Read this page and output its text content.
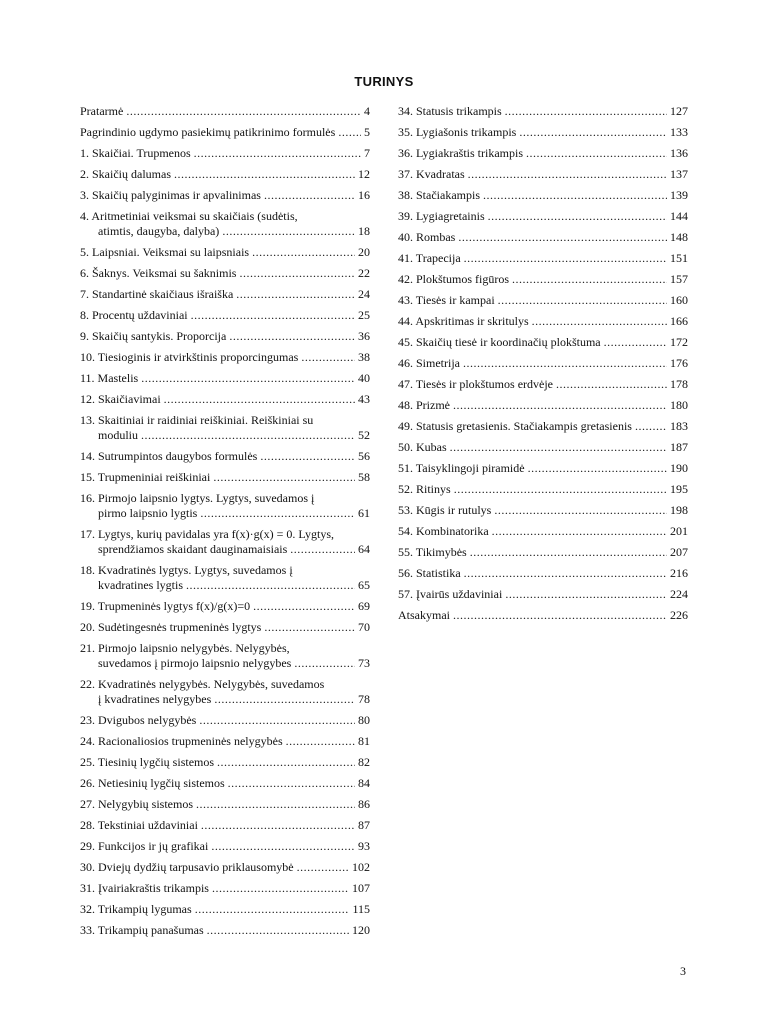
TURINYS
Pratarmė .....	4
Pagrindinio ugdymo pasiekimų patikrinimo formulės ..... 5
1. Skaičiai. Trupmenos .....	7
2. Skaičių dalumas .....	12
3. Skaičių palyginimas ir apvalinimas .....	16
4. Aritmetiniai veiksmai su skaičiais (sudėtis,
atimtis, daugyba, dalyba) .....	18
5. Laipsniai. Veiksmai su laipsniais .....	20
6. Šaknys. Veiksmai su šaknimis .....	22
7. Standartinė skaičiaus išraiška .....	24
8. Procentų uždaviniai .....	25
9. Skaičių santykis. Proporcija .....	36
10. Tiesioginis ir atvirkštinis proporcingumas .....	38
11. Mastelis .....	40
12. Skaičiavimai .....	43
13. Skaitiniai ir raidiniai reiškiniai. Reiškiniai su
moduliu .....	52
14. Sutrumpintos daugybos formulės .....	56
15. Trupmeniniai reiškiniai .....	58
16. Pirmojo laipsnio lygtys. Lygtys, suvedamos į
pirmo laipsnio lygtis .....	61
17. Lygtys, kurių pavidalas yra f(x)·g(x) = 0. Lygtys,
sprendžiamos skaidant dauginamaisiais .....	64
18. Kvadratinės lygtys. Lygtys, suvedamos į
kvadratines lygtis .....	65
19. Trupmeninės lygtys f(x)/g(x)=0 .....	69
20. Sudėtingesnės trupmeninės lygtys .....	70
21. Pirmojo laipsnio nelygybės. Nelygybės,
suvedamos į pirmojo laipsnio nelygybes .....	73
22. Kvadratinės nelygybės. Nelygybės, suvedamos
į kvadratines nelygybes .....	78
23. Dvigubos nelygybės .....	80
24. Racionaliosios trupmeninės nelygybės .....	81
25. Tiesinių lygčių sistemos .....	82
26. Netiesinių lygčių sistemos .....	84
27. Nelygybių sistemos .....	86
28. Tekstiniai uždaviniai .....	87
29. Funkcijos ir jų grafikai .....	93
30. Dviejų dydžių tarpusavio priklausomybė .....	102
31. Įvairiakraštis trikampis .....	107
32. Trikampių lygumas .....	115
33. Trikampių panašumas .....	120
34. Statusis trikampis .....	127
35. Lygiašonis trikampis .....	133
36. Lygiakraštis trikampis .....	136
37. Kvadratas .....	137
38. Stačiakampis .....	139
39. Lygiagretainis .....	144
40. Rombas .....	148
41. Trapecija .....	151
42. Plokštumos figūros .....	157
43. Tiesės ir kampai .....	160
44. Apskritimas ir skritulys .....	166
45. Skaičių tiesė ir koordinačių plokštuma .....	172
46. Simetrija .....	176
47. Tiesės ir plokštumos erdvėje .....	178
48. Prizmė .....	180
49. Statusis gretasienis. Stačiakampis gretasienis .....	183
50. Kubas .....	187
51. Taisyklingoji piramidė .....	190
52. Ritinys .....	195
53. Kūgis ir rutulys .....	198
54. Kombinatorika .....	201
55. Tikimybės .....	207
56. Statistika .....	216
57. Įvairūs uždaviniai .....	224
Atsakymai .....	226
3
